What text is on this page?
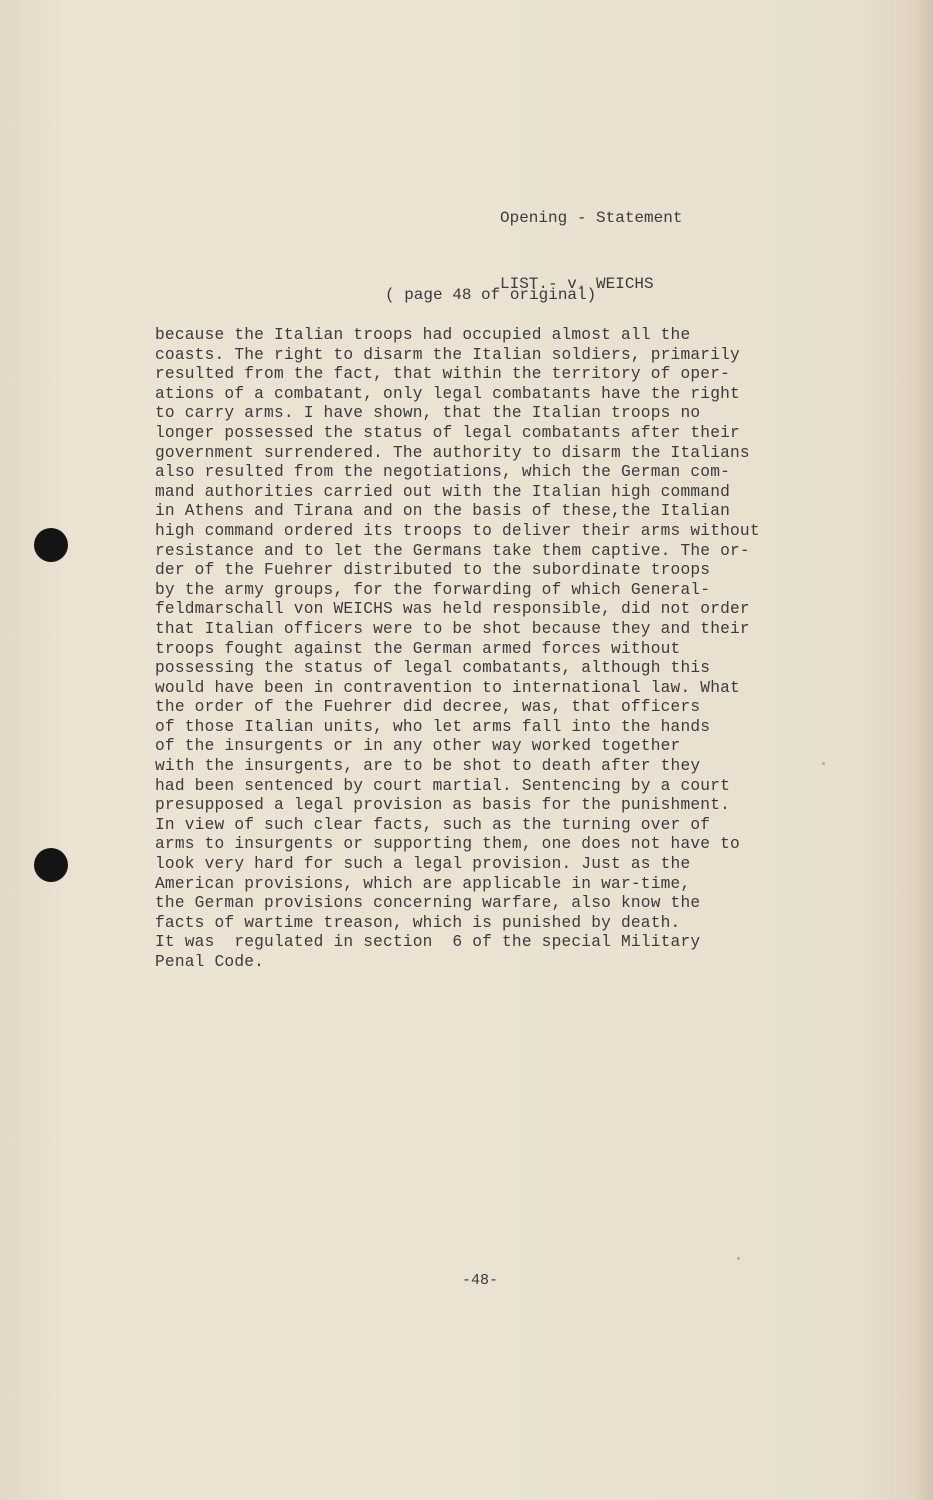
Opening - Statement

LIST.- v. WEICHS

( page 48 of original)
because the Italian troops had occupied almost all the
coasts. The right to disarm the Italian soldiers, primarily
resulted from the fact, that within the territory of oper-
ations of a combatant, only legal combatants have the right
to carry arms. I have shown, that the Italian troops no
longer possessed the status of legal combatants after their
government surrendered. The authority to disarm the Italians
also resulted from the negotiations, which the German com-
mand authorities carried out with the Italian high command
in Athens and Tirana and on the basis of these,the Italian
high command ordered its troops to deliver their arms without
resistance and to let the Germans take them captive. The or-
der of the Fuehrer distributed to the subordinate troops
by the army groups, for the forwarding of which General-
feldmarschall von WEICHS was held responsible, did not order
that Italian officers were to be shot because they and their
troops fought against the German armed forces without
possessing the status of legal combatants, although this
would have been in contravention to international law. What
the order of the Fuehrer did decree, was, that officers
of those Italian units, who let arms fall into the hands
of the insurgents or in any other way worked together
with the insurgents, are to be shot to death after they
had been sentenced by court martial. Sentencing by a court
presupposed a legal provision as basis for the punishment.
In view of such clear facts, such as the turning over of
arms to insurgents or supporting them, one does not have to
look very hard for such a legal provision. Just as the
American provisions, which are applicable in war-time,
the German provisions concerning warfare, also know the
facts of wartime treason, which is punished by death.
It was  regulated in section  6 of the special Military
Penal Code.
-48-
